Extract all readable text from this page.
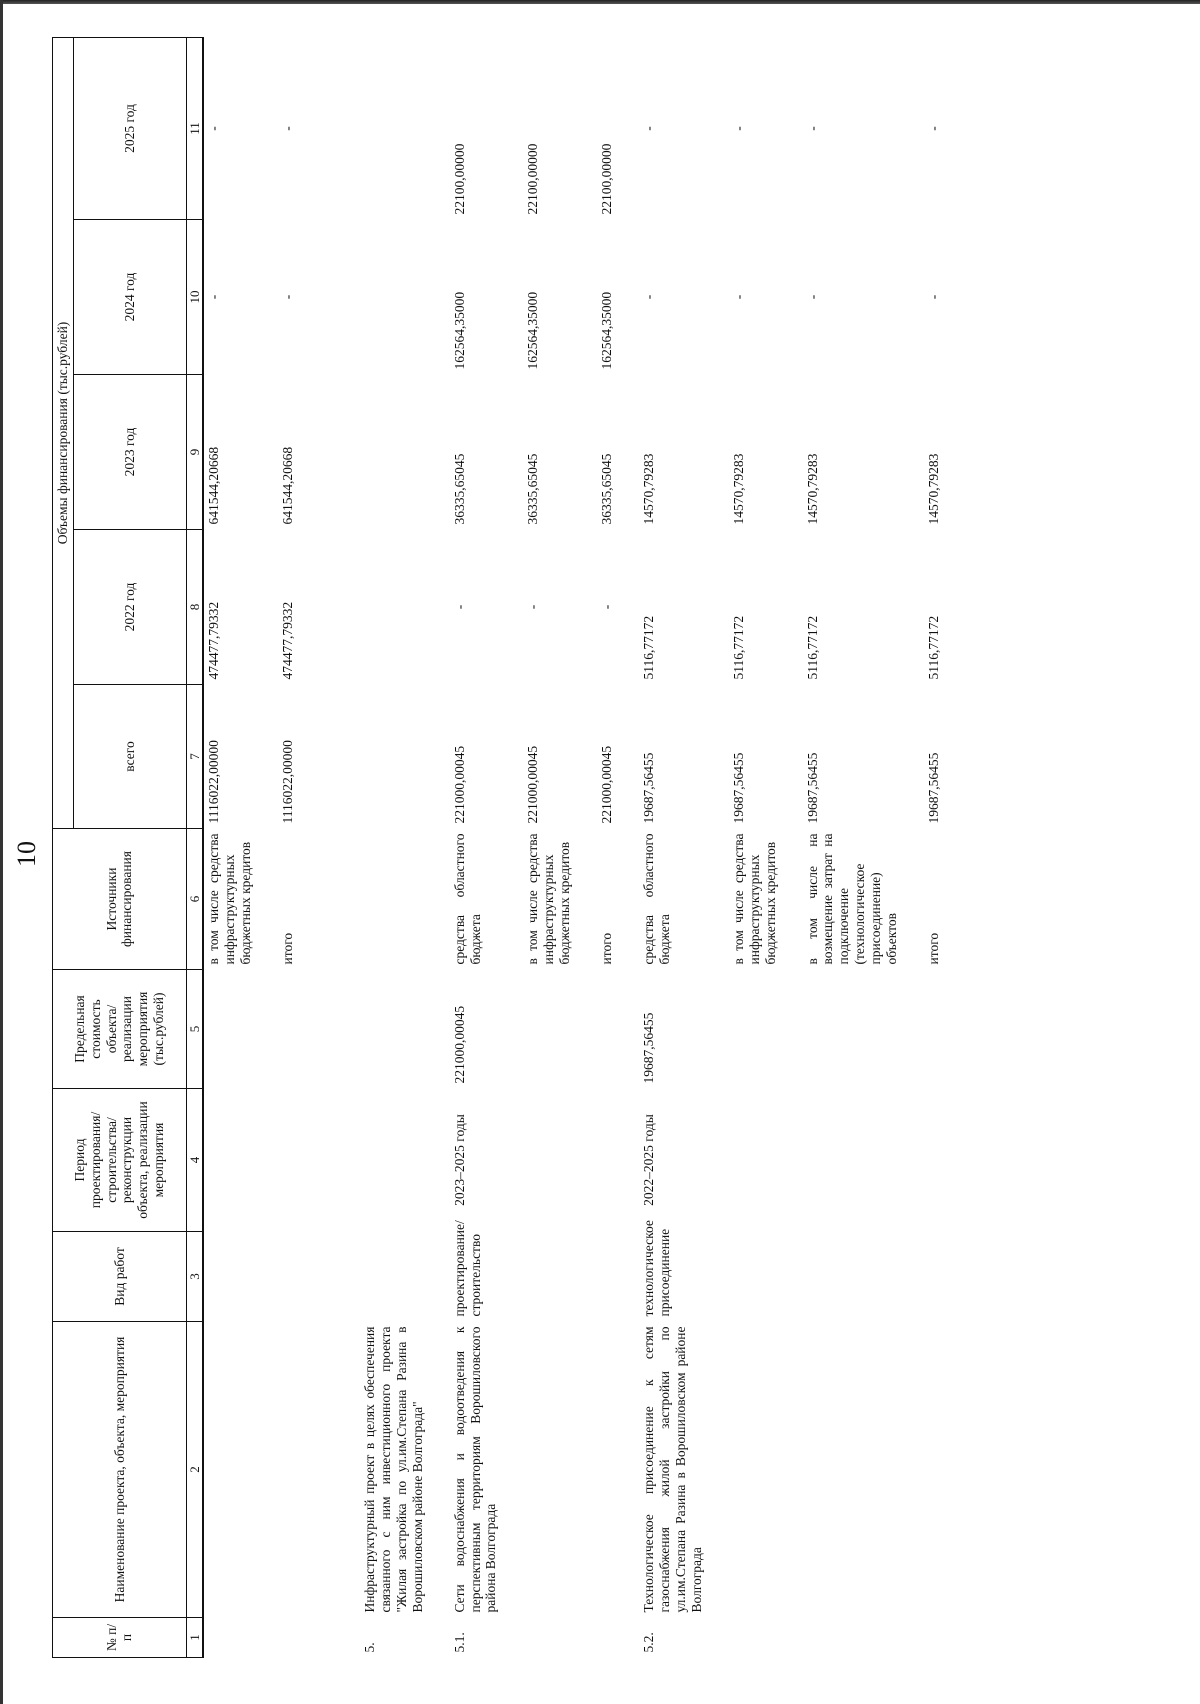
10
№ п/п	Наименование проекта, объекта, мероприятия	Вид работ	Период проектирования/ строительства/ реконструкции объекта, реализации мероприятия	Предельная стоимость объекта/ реализации мероприятия (тыс.рублей)	Источники финансирования	Объемы финансирования (тыс.рублей)				
						всего	2022 год	2023 год	2024 год	2025 год
1	2	3	4	5	6	7	8	9	10	11
					в том числе средства инфраструктурных бюджетных кредитов	1116022,00000	474477,79332	641544,20668	-	-

					итого	1116022,00000	474477,79332	641544,20668	-	-

5.	Инфраструктурный проект в целях обеспечения связанного с ним инвестиционного проекта "Жилая застройка по ул.им.Степана Разина в Ворошиловском районе Волгограда"									

5.1.	Сети водоснабжения и водоотведения к перспективным территориям Ворошиловского района Волгограда	проектирование/ строительство	2023–2025 годы	221000,00045	средства областного бюджета	221000,00045	-	36335,65045	162564,35000	22100,00000

					в том числе средства инфраструктурных бюджетных кредитов	221000,00045	-	36335,65045	162564,35000	22100,00000

					итого	221000,00045	-	36335,65045	162564,35000	22100,00000

5.2.	Технологическое присоединение к сетям газоснабжения жилой застройки по ул.им.Степана Разина в Ворошиловском районе Волгограда	технологическое присоединение	2022–2025 годы	19687,56455	средства областного бюджета	19687,56455	5116,77172	14570,79283	-	-

					в том числе средства инфраструктурных бюджетных кредитов	19687,56455	5116,77172	14570,79283	-	-

					в том числе на возмещение затрат на подключение (технологическое присоединение) объектов	19687,56455	5116,77172	14570,79283	-	-

					итого	19687,56455	5116,77172	14570,79283	-	-
